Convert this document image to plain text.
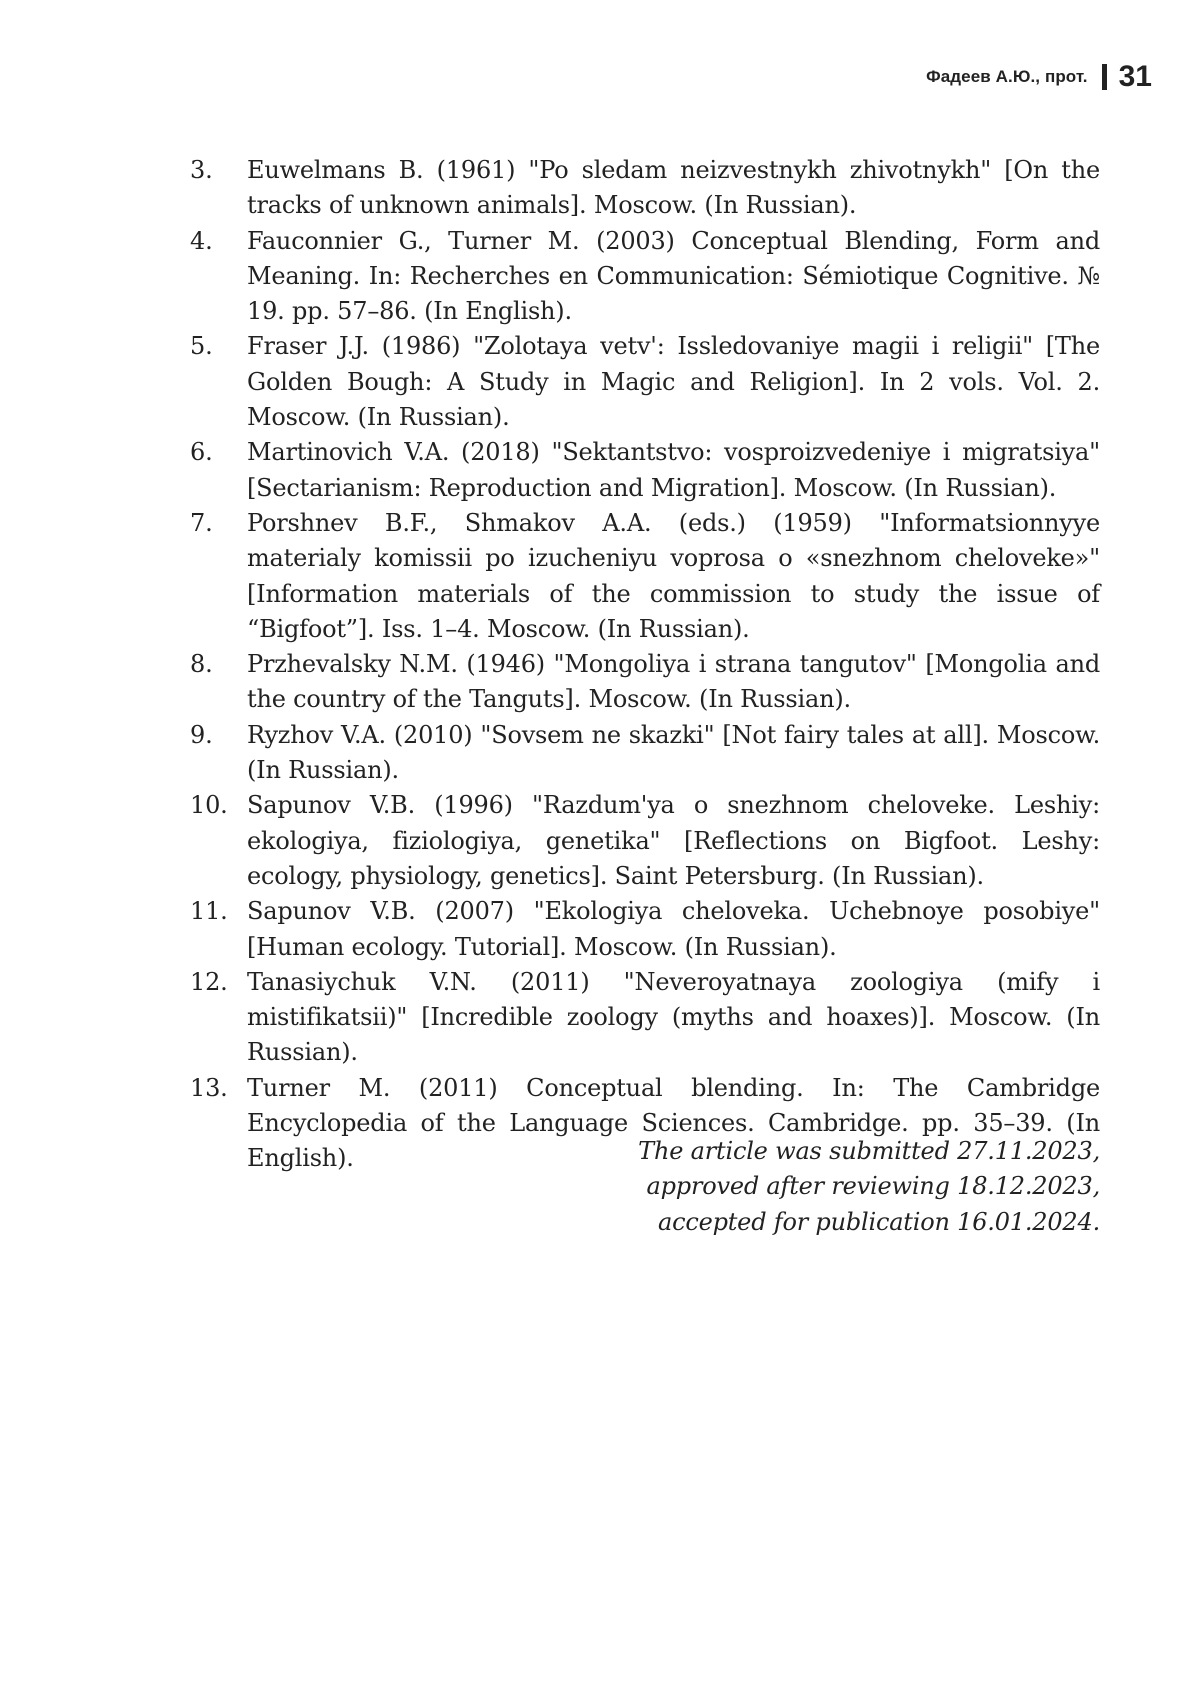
Фадеев А.Ю., прот. 31
3.	Euwelmans B. (1961) "Po sledam neizvestnykh zhivotnykh" [On the tracks of unknown animals]. Moscow. (In Russian).
4.	Fauconnier G., Turner M. (2003) Conceptual Blending, Form and Meaning. In: Recherches en Communication: Sémiotique Cognitive. № 19. pp. 57–86. (In English).
5.	Fraser J.J. (1986) "Zolotaya vetv': Issledovaniye magii i religii" [The Golden Bough: A Study in Magic and Religion]. In 2 vols. Vol. 2. Moscow. (In Russian).
6.	Martinovich V.A. (2018) "Sektantstvo: vosproizvedeniye i migratsiya" [Sectarianism: Reproduction and Migration]. Moscow. (In Russian).
7.	Porshnev B.F., Shmakov A.A. (eds.) (1959) "Informatsionnyye materialy komissii po izucheniyu voprosa o «snezhnom cheloveke»" [Information materials of the commission to study the issue of “Bigfoot”]. Iss. 1–4. Moscow. (In Russian).
8.	Przhevalsky N.M. (1946) "Mongoliya i strana tangutov" [Mongolia and the country of the Tanguts]. Moscow. (In Russian).
9.	Ryzhov V.A. (2010) "Sovsem ne skazki" [Not fairy tales at all]. Moscow. (In Russian).
10. Sapunov V.B. (1996) "Razdum'ya o snezhnom cheloveke. Leshiy: ekologiya, fiziologiya, genetika" [Reflections on Bigfoot. Leshy: ecology, physiology, genetics]. Saint Petersburg. (In Russian).
11. Sapunov V.B. (2007) "Ekologiya cheloveka. Uchebnoye posobiye" [Human ecology. Tutorial]. Moscow. (In Russian).
12. Tanasiychuk V.N. (2011) "Neveroyatnaya zoologiya (mify i mistifikatsii)" [Incredible zoology (myths and hoaxes)]. Moscow. (In Russian).
13. Turner M. (2011) Conceptual blending. In: The Cambridge Encyclopedia of the Language Sciences. Cambridge. pp. 35–39. (In English).	The article was submitted 27.11.2023,
approved after reviewing 18.12.2023,
accepted for publication 16.01.2024.
